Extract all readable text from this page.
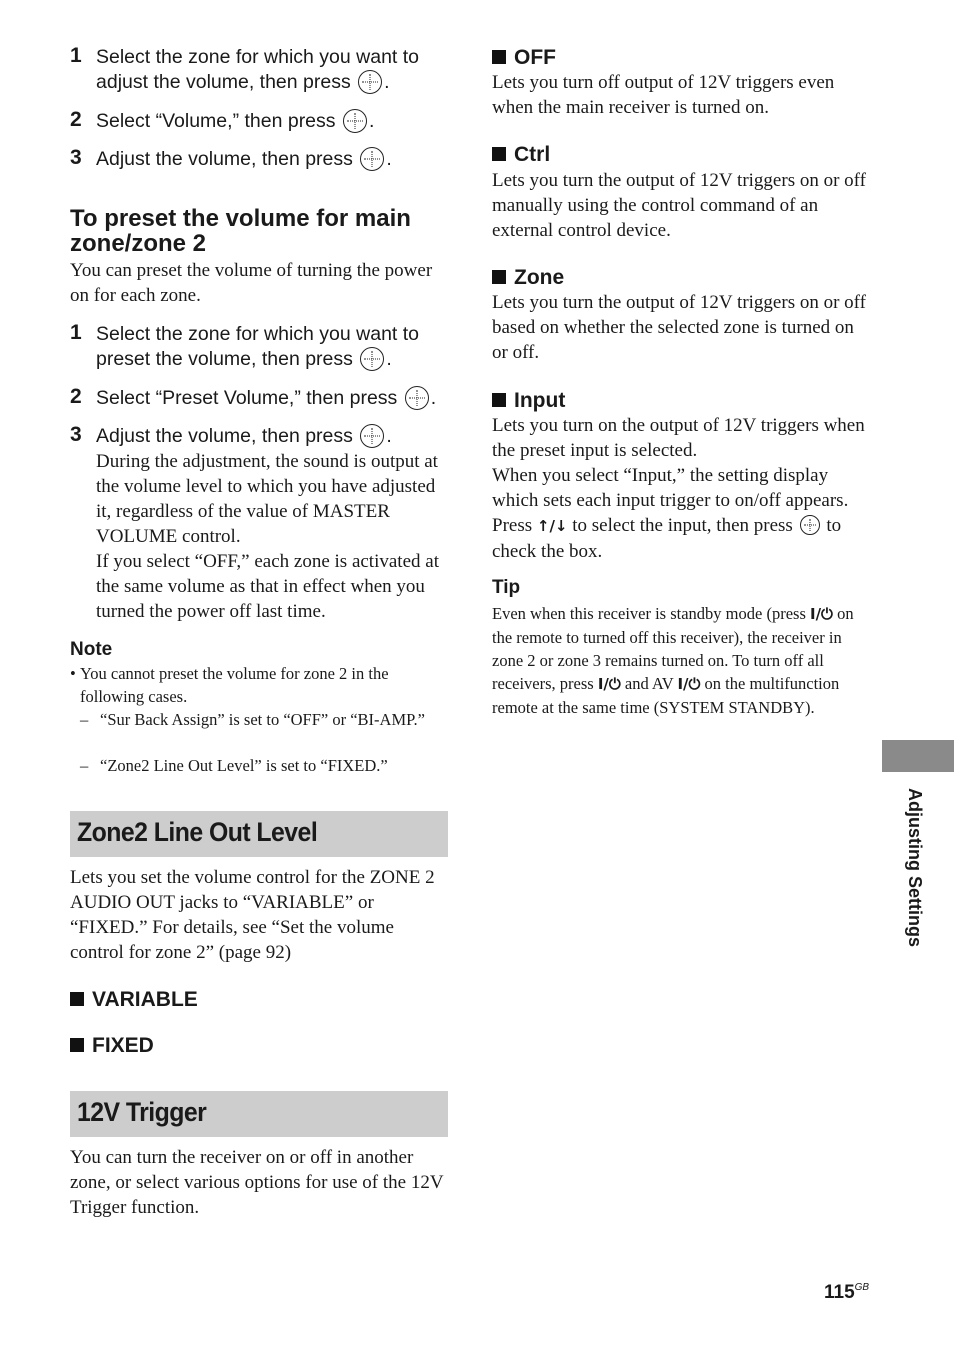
1 Select the zone for which you want to adjust the volume, then press .
2 Select “Volume,” then press .
3 Adjust the volume, then press .
To preset the volume for main zone/zone 2
You can preset the volume of turning the power on for each zone.
1 Select the zone for which you want to preset the volume, then press .
2 Select “Preset Volume,” then press .
3 Adjust the volume, then press .
During the adjustment, the sound is output at the volume level to which you have adjusted it, regardless of the value of MASTER VOLUME control.
If you select “OFF,” each zone is activated at the same volume as that in effect when you turned the power off last time.
Note
• You cannot preset the volume for zone 2 in the following cases.
– “Sur Back Assign” is set to “OFF” or “BI-AMP.”
– “Zone2 Line Out Level” is set to “FIXED.”
Zone2 Line Out Level
Lets you set the volume control for the ZONE 2 AUDIO OUT jacks to “VARIABLE” or “FIXED.” For details, see “Set the volume control for zone 2” (page 92)
VARIABLE
FIXED
12V Trigger
You can turn the receiver on or off in another zone, or select various options for use of the 12V Trigger function.
OFF
Lets you turn off output of 12V triggers even when the main receiver is turned on.
Ctrl
Lets you turn the output of 12V triggers on or off manually using the control command of an external control device.
Zone
Lets you turn the output of 12V triggers on or off based on whether the selected zone is turned on or off.
Input
Lets you turn on the output of 12V triggers when the preset input is selected.
When you select “Input,” the setting display which sets each input trigger to on/off appears.
Press ↑/↓ to select the input, then press to check the box.
Tip
Even when this receiver is standby mode (press I/⏻ on the remote to turned off this receiver), the receiver in zone 2 or zone 3 remains turned on. To turn off all receivers, press I/⏻ and AV I/⏻ on the multifunction remote at the same time (SYSTEM STANDBY).
Adjusting Settings
$115^{GB}$
